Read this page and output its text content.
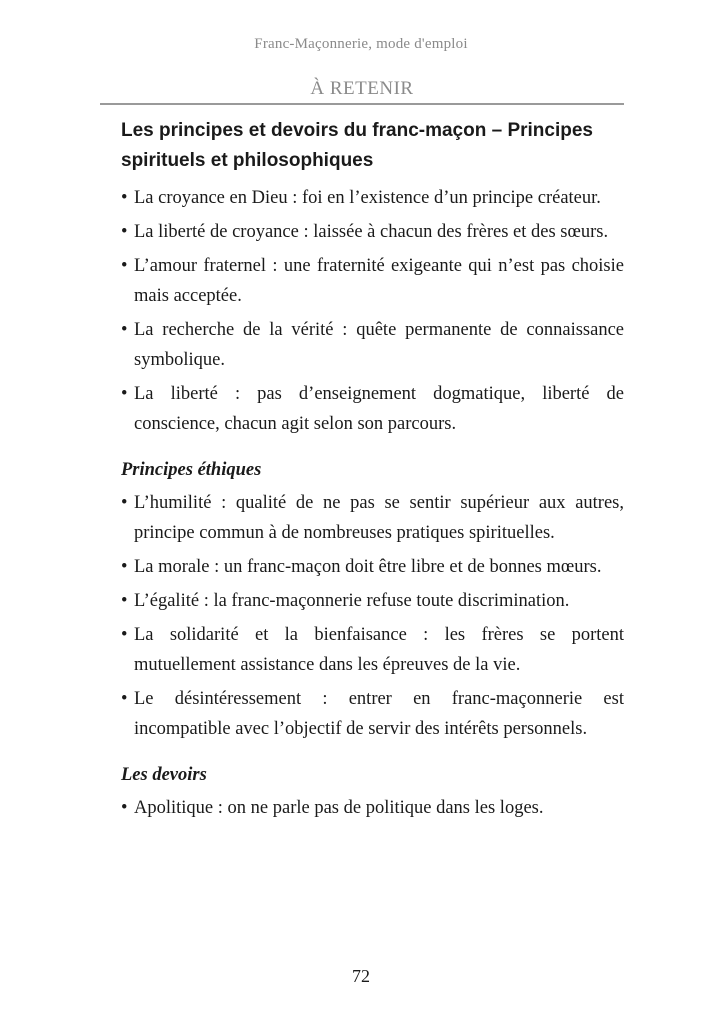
Franc-Maçonnerie, mode d'emploi
À RETENIR
Les principes et devoirs du franc-maçon – Principes spirituels et philosophiques
• La croyance en Dieu : foi en l’existence d’un principe créateur.
• La liberté de croyance : laissée à chacun des frères et des sœurs.
• L’amour fraternel : une fraternité exigeante qui n’est pas choisie mais acceptée.
• La recherche de la vérité : quête permanente de connaissance symbolique.
• La liberté : pas d’enseignement dogmatique, liberté de conscience, chacun agit selon son parcours.
Principes éthiques
• L’humilité : qualité de ne pas se sentir supérieur aux autres, principe commun à de nombreuses pratiques spirituelles.
• La morale : un franc-maçon doit être libre et de bonnes mœurs.
• L’égalité : la franc-maçonnerie refuse toute discrimination.
• La solidarité et la bienfaisance : les frères se portent mutuellement assistance dans les épreuves de la vie.
• Le désintéressement : entrer en franc-maçonnerie est incompatible avec l’objectif de servir des intérêts personnels.
Les devoirs
• Apolitique : on ne parle pas de politique dans les loges.
72
